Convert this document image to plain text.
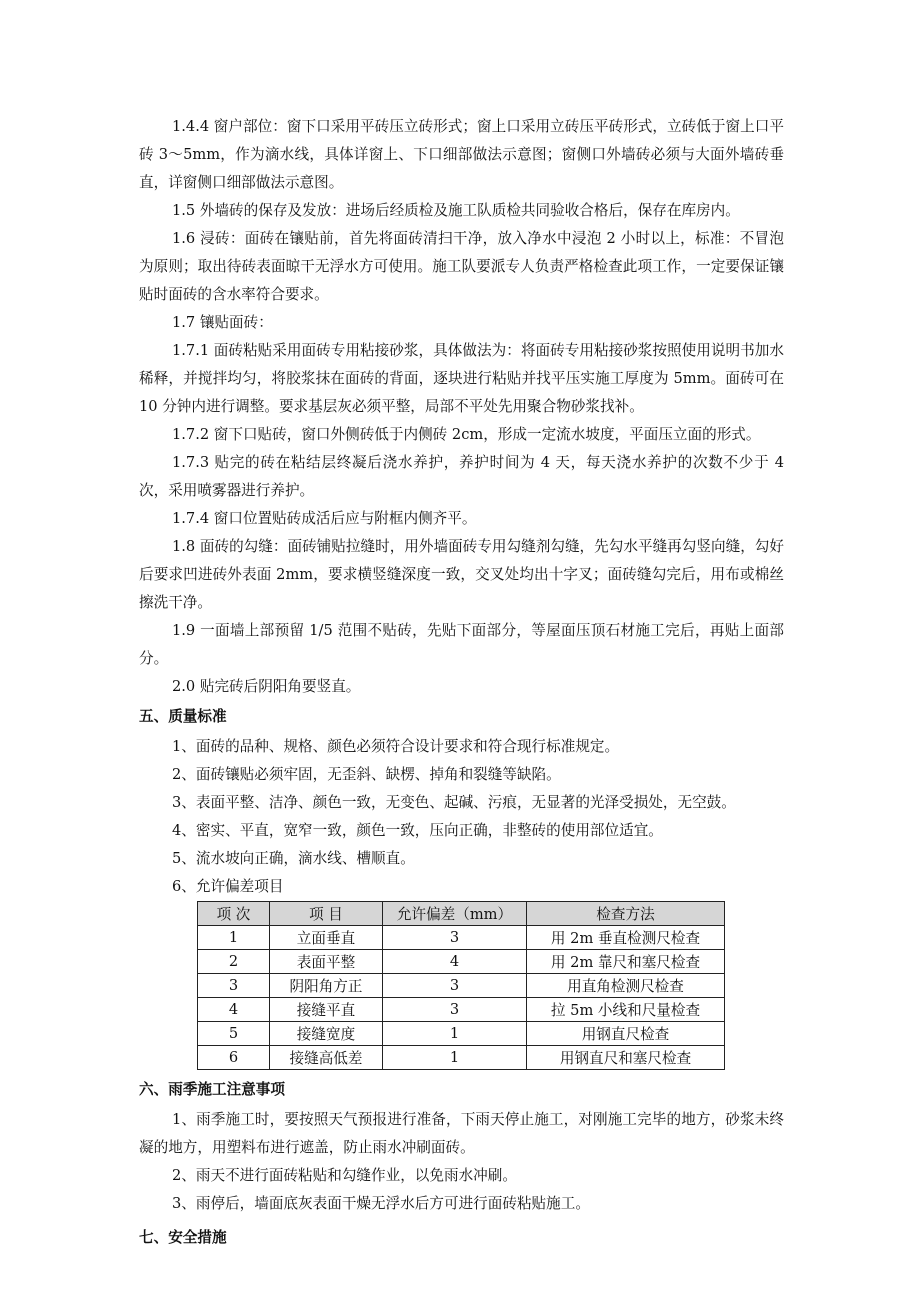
1.4.4 窗户部位：窗下口采用平砖压立砖形式；窗上口采用立砖压平砖形式，立砖低于窗上口平砖 3～5mm，作为滴水线，具体详窗上、下口细部做法示意图；窗侧口外墙砖必须与大面外墙砖垂直，详窗侧口细部做法示意图。

1.5 外墙砖的保存及发放：进场后经质检及施工队质检共同验收合格后，保存在库房内。

1.6 浸砖：面砖在镶贴前，首先将面砖清扫干净，放入净水中浸泡 2 小时以上，标准：不冒泡为原则；取出待砖表面晾干无浮水方可使用。施工队要派专人负责严格检查此项工作，一定要保证镶贴时面砖的含水率符合要求。

1.7 镶贴面砖：

1.7.1 面砖粘贴采用面砖专用粘接砂浆，具体做法为：将面砖专用粘接砂浆按照使用说明书加水稀释，并搅拌均匀，将胶浆抹在面砖的背面，逐块进行粘贴并找平压实施工厚度为 5mm。面砖可在 10 分钟内进行调整。要求基层灰必须平整，局部不平处先用聚合物砂浆找补。

1.7.2 窗下口贴砖，窗口外侧砖低于内侧砖 2cm，形成一定流水坡度，平面压立面的形式。

1.7.3 贴完的砖在粘结层终凝后浇水养护，养护时间为 4 天，每天浇水养护的次数不少于 4 次，采用喷雾器进行养护。

1.7.4 窗口位置贴砖成活后应与附框内侧齐平。

1.8 面砖的勾缝：面砖铺贴拉缝时，用外墙面砖专用勾缝剂勾缝，先勾水平缝再勾竖向缝，勾好后要求凹进砖外表面 2mm，要求横竖缝深度一致，交叉处均出十字叉；面砖缝勾完后，用布或棉丝擦洗干净。

1.9 一面墙上部预留 1/5 范围不贴砖，先贴下面部分，等屋面压顶石材施工完后，再贴上面部分。

2.0 贴完砖后阴阳角要竖直。

五、质量标准

1、面砖的品种、规格、颜色必须符合设计要求和符合现行标准规定。

2、面砖镶贴必须牢固，无歪斜、缺楞、掉角和裂缝等缺陷。

3、表面平整、洁净、颜色一致，无变色、起碱、污痕，无显著的光泽受损处，无空鼓。

4、密实、平直，宽窄一致，颜色一致，压向正确，非整砖的使用部位适宜。

5、流水坡向正确，滴水线、槽顺直。

6、允许偏差项目

项 次	项 目	允许偏差（mm）	检查方法
1	立面垂直	3	用 2m 垂直检测尺检查
2	表面平整	4	用 2m 靠尺和塞尺检查
3	阴阳角方正	3	用直角检测尺检查
4	接缝平直	3	拉 5m 小线和尺量检查
5	接缝宽度	1	用钢直尺检查
6	接缝高低差	1	用钢直尺和塞尺检查
六、雨季施工注意事项

1、雨季施工时，要按照天气预报进行准备，下雨天停止施工，对刚施工完毕的地方，砂浆未终凝的地方，用塑料布进行遮盖，防止雨水冲刷面砖。

2、雨天不进行面砖粘贴和勾缝作业，以免雨水冲刷。

3、雨停后，墙面底灰表面干燥无浮水后方可进行面砖粘贴施工。

七、安全措施
